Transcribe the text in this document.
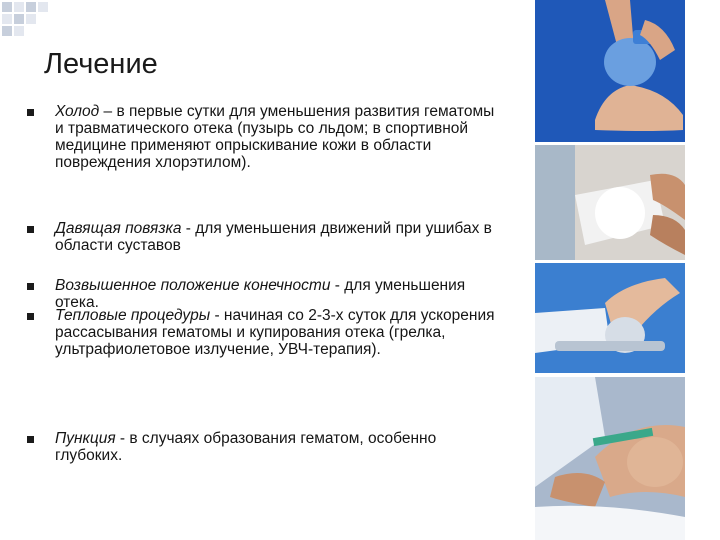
Лечение
Холод – в первые сутки для уменьшения развития гематомы и травматического отека (пузырь со льдом; в спортивной медицине применяют опрыскивание кожи в области повреждения хлорэтилом).
Давящая повязка - для уменьшения движений при ушибах в области суставов
Возвышенное положение конечности - для уменьшения отека.
Тепловые процедуры - начиная со 2-3-х суток для ускорения рассасывания гематомы и купирования отека (грелка, ультрафиолетовое излучение, УВЧ-терапия).
Пункция - в случаях образования гематом, особенно глубоких.
